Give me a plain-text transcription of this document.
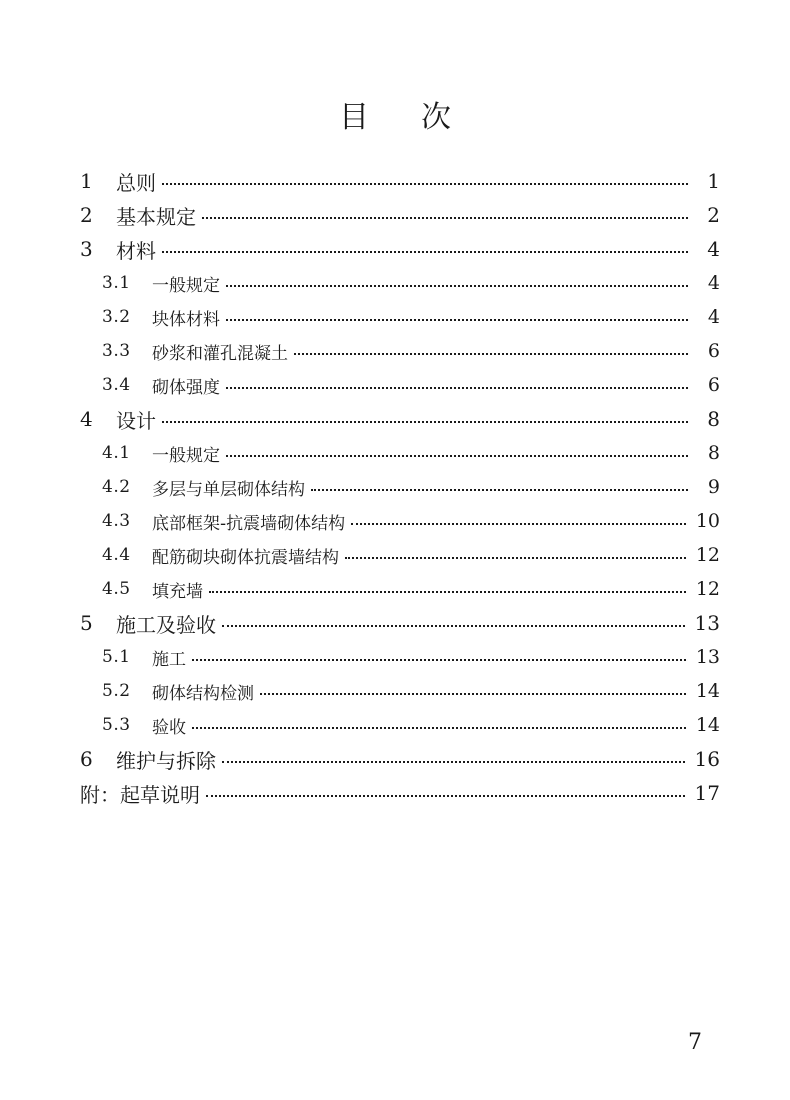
目 次
1	总则	1
2	基本规定	2
3	材料	4
3.1	一般规定	4
3.2	块体材料	4
3.3	砂浆和灌孔混凝土	6
3.4	砌体强度	6
4	设计	8
4.1	一般规定	8
4.2	多层与单层砌体结构	9
4.3	底部框架-抗震墙砌体结构	10
4.4	配筋砌块砌体抗震墙结构	12
4.5	填充墙	12
5	施工及验收	13
5.1	施工	13
5.2	砌体结构检测	14
5.3	验收	14
6	维护与拆除	16
附：起草说明	17
7
